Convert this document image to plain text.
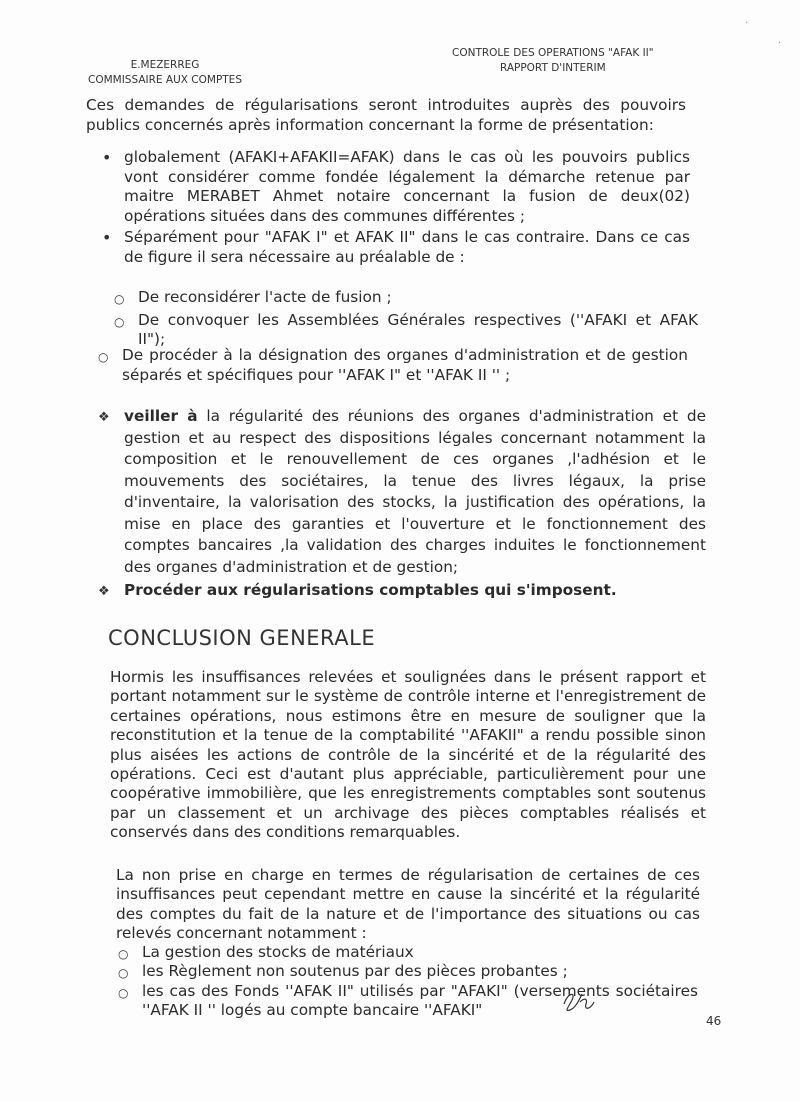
E.MEZERREG
COMMISSAIRE AUX COMPTES
CONTROLE DES OPERATIONS "AFAK II"
RAPPORT D'INTERIM
·
·

Ces demandes de régularisations seront introduites auprès des pouvoirs publics concernés après information concernant la forme de présentation:

• globalement (AFAKI+AFAKII=AFAK) dans le cas où les pouvoirs publics vont considérer comme fondée légalement la démarche retenue par maitre MERABET Ahmet notaire concernant la fusion de deux(02) opérations situées dans des communes différentes ;
• Séparément pour "AFAK I" et AFAK II" dans le cas contraire. Dans ce cas de figure il sera nécessaire au préalable de :
○ De reconsidérer l'acte de fusion ;
○ De convoquer les Assemblées Générales respectives (''AFAKI et AFAK II");
○ De procéder à la désignation des organes d'administration et de gestion séparés et spécifiques pour ''AFAK I" et ''AFAK II '' ;
❖ veiller à la régularité des réunions des organes d'administration et de gestion et au respect des dispositions légales concernant notamment la composition et le renouvellement de ces organes ,l'adhésion et le mouvements des sociétaires, la tenue des livres légaux, la prise d'inventaire, la valorisation des stocks, la justification des opérations, la mise en place des garanties et l'ouverture et le fonctionnement des comptes bancaires ,la validation des charges induites le fonctionnement des organes d'administration et de gestion;
❖ Procéder aux régularisations comptables qui s'imposent.
CONCLUSION GENERALE

Hormis les insuffisances relevées et soulignées dans le présent rapport et portant notamment sur le système de contrôle interne et l'enregistrement de certaines opérations, nous estimons être en mesure de souligner que la reconstitution et la tenue de la comptabilité ''AFAKII" a rendu possible sinon plus aisées les actions de contrôle de la sincérité et de la régularité des opérations. Ceci est d'autant plus appréciable, particulièrement pour une coopérative immobilière, que les enregistrements comptables sont soutenus par un classement et un archivage des pièces comptables réalisés et conservés dans des conditions remarquables.

La non prise en charge en termes de régularisation de certaines de ces insuffisances peut cependant mettre en cause la sincérité et la régularité des comptes du fait de la nature et de l'importance des situations ou cas relevés concernant notamment :

○ La gestion des stocks de matériaux
○ les Règlement non soutenus par des pièces probantes ;
○ les cas des Fonds ''AFAK II" utilisés par "AFAKI" (versements sociétaires ''AFAK II '' logés au compte bancaire ''AFAKI"
46
